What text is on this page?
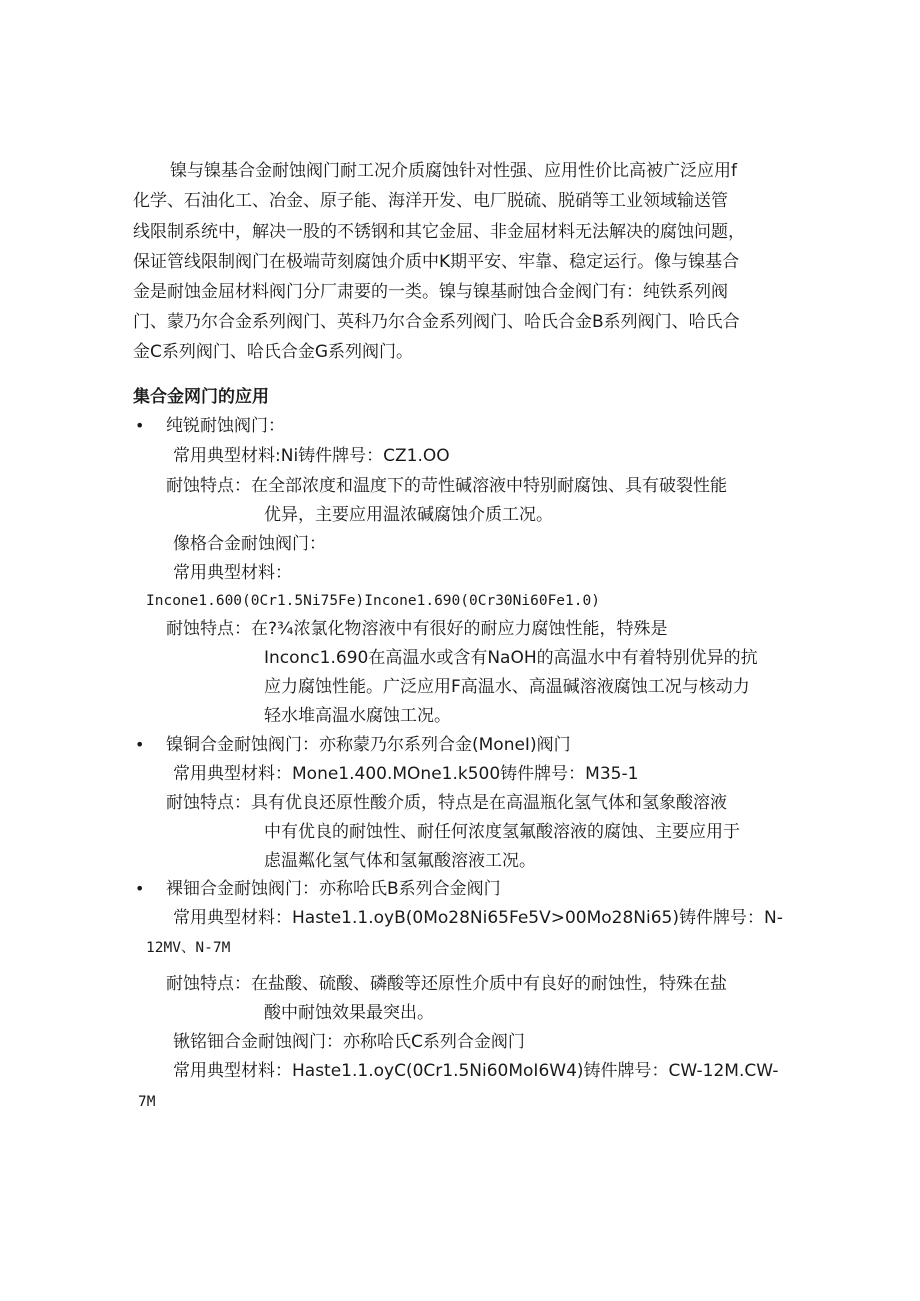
镍与镍基合金耐蚀阀门耐工况介质腐蚀针对性强、应用性价比高被广泛应用f
化学、石油化工、冶金、原子能、海洋开发、电厂脱硫、脱硝等工业领域输送管
线限制系统中，解决一股的不锈钢和其它金屈、非金屈材料无法解决的腐蚀问题，
保证管线限制阀门在极端苛刻腐蚀介质中K期平安、牢靠、稳定运行。像与镍基合
金是耐蚀金屈材料阀门分厂肃要的一类。镍与镍基耐蚀合金阀门有：纯铁系列阀
门、蒙乃尔合金系列阀门、英科乃尔合金系列阀门、哈氏合金B系列阀门、哈氏合
金C系列阀门、哈氏合金G系列阀门。
集合金网门的应用
• 纯锐耐蚀阀门：
常用典型材料:Ni铸件牌号：CZ1.OO
耐蚀特点：在全部浓度和温度下的苛性碱溶液中特别耐腐蚀、具有破裂性能
优异，主要应用温浓碱腐蚀介质工况。
像格合金耐蚀阀门：
常用典型材料：
Incone1.600(0Cr1.5Ni75Fe)Incone1.690(0Cr30Ni60Fe1.0)
耐蚀特点：在?¾浓氯化物溶液中有很好的耐应力腐蚀性能，特殊是
Inconc1.690在高温水或含有NaOH的高温水中有着特别优异的抗
应力腐蚀性能。广泛应用F高温水、高温碱溶液腐蚀工况与核动力
轻水堆高温水腐蚀工况。
• 镍铜合金耐蚀阀门：亦称蒙乃尔系列合金(MoneI)阀门
常用典型材料：Mone1.400.MOne1.k500铸件牌号：M35-1
耐蚀特点：具有优良还原性酸介质，特点是在高温瓶化氢气体和氢象酸溶液
中有优良的耐蚀性、耐任何浓度氢氟酸溶液的腐蚀、主要应用于
虑温粼化氢气体和氢氟酸溶液工况。
• 裸钿合金耐蚀阀门：亦称哈氏B系列合金阀门
常用典型材料：Haste1.1.oyB(0Mo28Ni65Fe5V>00Mo28Ni65)铸件牌号：N-
12MV、N-7M
耐蚀特点：在盐酸、硫酸、磷酸等还原性介质中有良好的耐蚀性，特殊在盐
酸中耐蚀效果最突出。
锹铭钿合金耐蚀阀门：亦称哈氏C系列合金阀门
常用典型材料：Haste1.1.oyC(0Cr1.5Ni60MoI6W4)铸件牌号：CW-12M.CW-
7M
